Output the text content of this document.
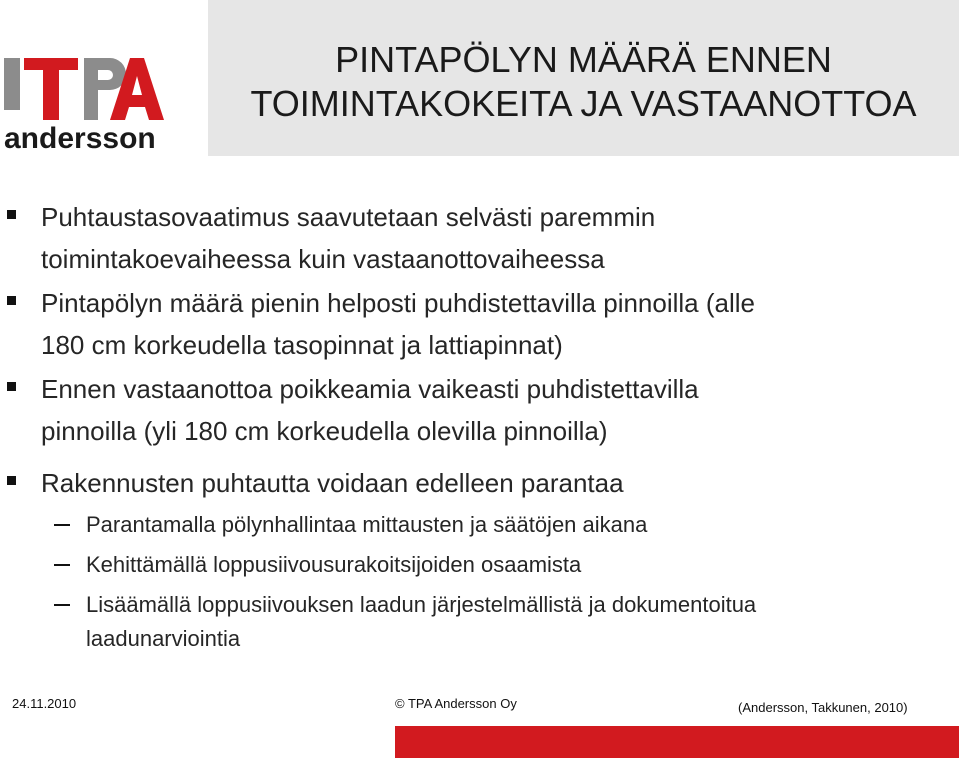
andersson
PINTAPÖLYN MÄÄRÄ ENNEN
TOIMINTAKOKEITA JA VASTAANOTTOA

Puhtaustasovaatimus saavutetaan selvästi paremmin
toimintakoevaiheessa kuin vastaanottovaiheessa

Pintapölyn määrä pienin helposti puhdistettavilla pinnoilla (alle
180 cm korkeudella tasopinnat ja lattiapinnat)

Ennen vastaanottoa poikkeamia vaikeasti puhdistettavilla
pinnoilla (yli 180 cm korkeudella olevilla pinnoilla)

Rakennusten puhtautta voidaan edelleen parantaa

Parantamalla pölynhallintaa mittausten ja säätöjen aikana

Kehittämällä loppusiivousurakoitsijoiden osaamista

Lisäämällä loppusiivouksen laadun järjestelmällistä ja dokumentoitua
laadunarviointia

24.11.2010	© TPA Andersson Oy	(Andersson, Takkunen, 2010)
